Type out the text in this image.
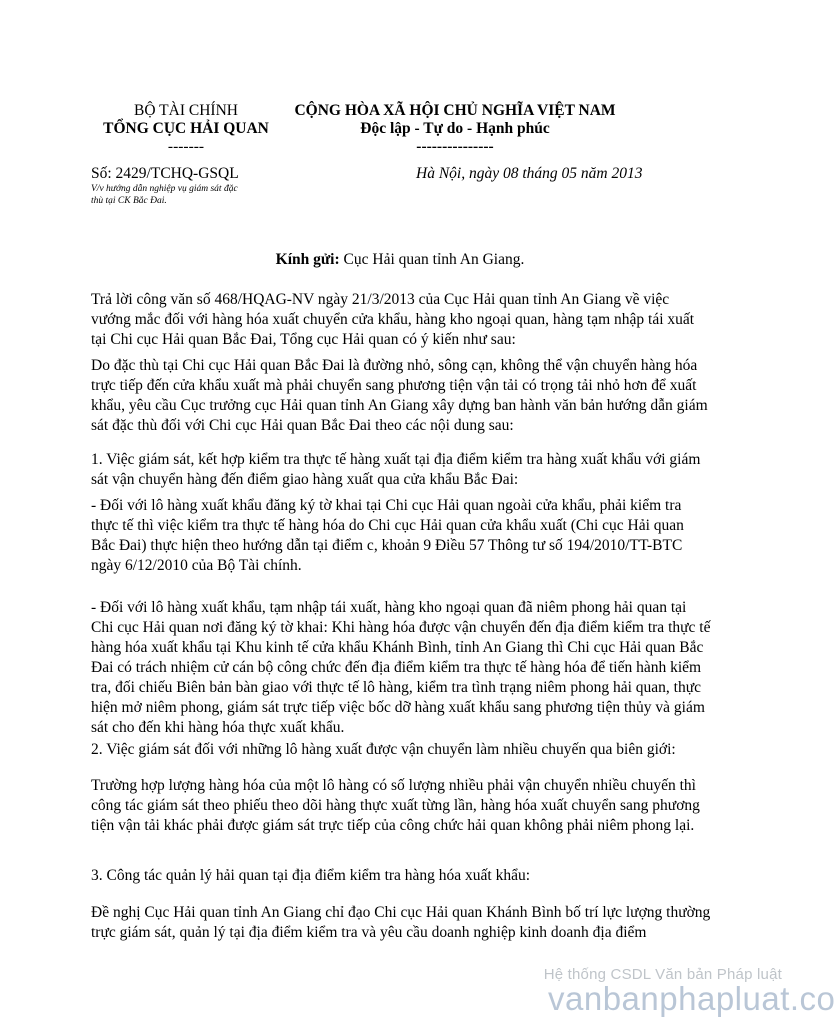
BỘ TÀI CHÍNH
TỔNG CỤC HẢI QUAN
-------
CỘNG HÒA XÃ HỘI CHỦ NGHĨA VIỆT NAM
Độc lập - Tự do - Hạnh phúc
---------------
Số: 2429/TCHQ-GSQL
V/v hướng dẫn nghiệp vụ giám sát đặc
thù tại CK Bắc Đai.
Hà Nội, ngày 08 tháng 05 năm 2013
Kính gửi: Cục Hải quan tỉnh An Giang.

Trả lời công văn số 468/HQAG-NV ngày 21/3/2013 của Cục Hải quan tỉnh An Giang về việc vướng mắc đối với hàng hóa xuất chuyển cửa khẩu, hàng kho ngoại quan, hàng tạm nhập tái xuất tại Chi cục Hải quan Bắc Đai, Tổng cục Hải quan có ý kiến như sau:

Do đặc thù tại Chi cục Hải quan Bắc Đai là đường nhỏ, sông cạn, không thể vận chuyển hàng hóa trực tiếp đến cửa khẩu xuất mà phải chuyển sang phương tiện vận tải có trọng tải nhỏ hơn để xuất khẩu, yêu cầu Cục trưởng cục Hải quan tỉnh An Giang xây dựng ban hành văn bản hướng dẫn giám sát đặc thù đối với Chi cục Hải quan Bắc Đai theo các nội dung sau:

1. Việc giám sát, kết hợp kiểm tra thực tế hàng xuất tại địa điểm kiểm tra hàng xuất khẩu với giám sát vận chuyển hàng đến điểm giao hàng xuất qua cửa khẩu Bắc Đai:

- Đối với lô hàng xuất khẩu đăng ký tờ khai tại Chi cục Hải quan ngoài cửa khẩu, phải kiểm tra thực tế thì việc kiểm tra thực tế hàng hóa do Chi cục Hải quan cửa khẩu xuất (Chi cục Hải quan Bắc Đai) thực hiện theo hướng dẫn tại điểm c, khoản 9 Điều 57 Thông tư số 194/2010/TT-BTC ngày 6/12/2010 của Bộ Tài chính.

- Đối với lô hàng xuất khẩu, tạm nhập tái xuất, hàng kho ngoại quan đã niêm phong hải quan tại Chi cục Hải quan nơi đăng ký tờ khai: Khi hàng hóa được vận chuyển đến địa điểm kiểm tra thực tế hàng hóa xuất khẩu tại Khu kinh tế cửa khẩu Khánh Bình, tỉnh An Giang thì Chi cục Hải quan Bắc Đai có trách nhiệm cử cán bộ công chức đến địa điểm kiểm tra thực tế hàng hóa để tiến hành kiểm tra, đối chiếu Biên bản bàn giao với thực tế lô hàng, kiểm tra tình trạng niêm phong hải quan, thực hiện mở niêm phong, giám sát trực tiếp việc bốc dỡ hàng xuất khẩu sang phương tiện thủy và giám sát cho đến khi hàng hóa thực xuất khẩu.

2. Việc giám sát đối với những lô hàng xuất được vận chuyển làm nhiều chuyến qua biên giới:

Trường hợp lượng hàng hóa của một lô hàng có số lượng nhiều phải vận chuyển nhiều chuyến thì công tác giám sát theo phiếu theo dõi hàng thực xuất từng lần, hàng hóa xuất chuyển sang phương tiện vận tải khác phải được giám sát trực tiếp của công chức hải quan không phải niêm phong lại.

3. Công tác quản lý hải quan tại địa điểm kiểm tra hàng hóa xuất khẩu:

Đề nghị Cục Hải quan tỉnh An Giang chỉ đạo Chi cục Hải quan Khánh Bình bố trí lực lượng thường trực giám sát, quản lý tại địa điểm kiểm tra và yêu cầu doanh nghiệp kinh doanh địa điểm

Hệ thống CSDL Văn bản Pháp luật
vanbanphapluat.co
